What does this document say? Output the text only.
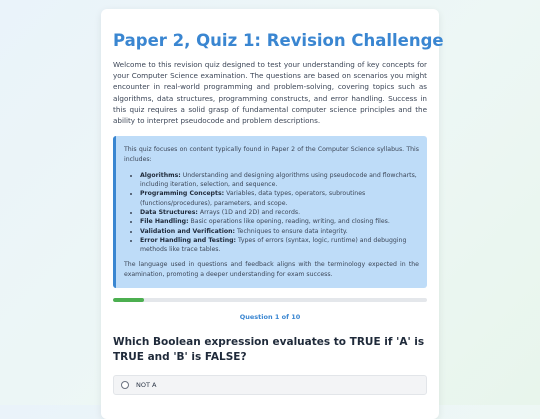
Paper 2, Quiz 1: Revision Challenge

Welcome to this revision quiz designed to test your understanding of key concepts for your Computer Science examination. The questions are based on scenarios you might encounter in real-world programming and problem-solving, covering topics such as algorithms, data structures, programming constructs, and error handling. Success in this quiz requires a solid grasp of fundamental computer science principles and the ability to interpret pseudocode and problem descriptions.

This quiz focuses on content typically found in Paper 2 of the Computer Science syllabus. This includes:

• Algorithms: Understanding and designing algorithms using pseudocode and flowcharts, including iteration, selection, and sequence.
• Programming Concepts: Variables, data types, operators, subroutines (functions/procedures), parameters, and scope.
• Data Structures: Arrays (1D and 2D) and records.
• File Handling: Basic operations like opening, reading, writing, and closing files.
• Validation and Verification: Techniques to ensure data integrity.
• Error Handling and Testing: Types of errors (syntax, logic, runtime) and debugging methods like trace tables.

The language used in questions and feedback aligns with the terminology expected in the examination, promoting a deeper understanding for exam success.

Question 1 of 10
Which Boolean expression evaluates to TRUE if 'A' is TRUE and 'B' is FALSE?
NOT A
